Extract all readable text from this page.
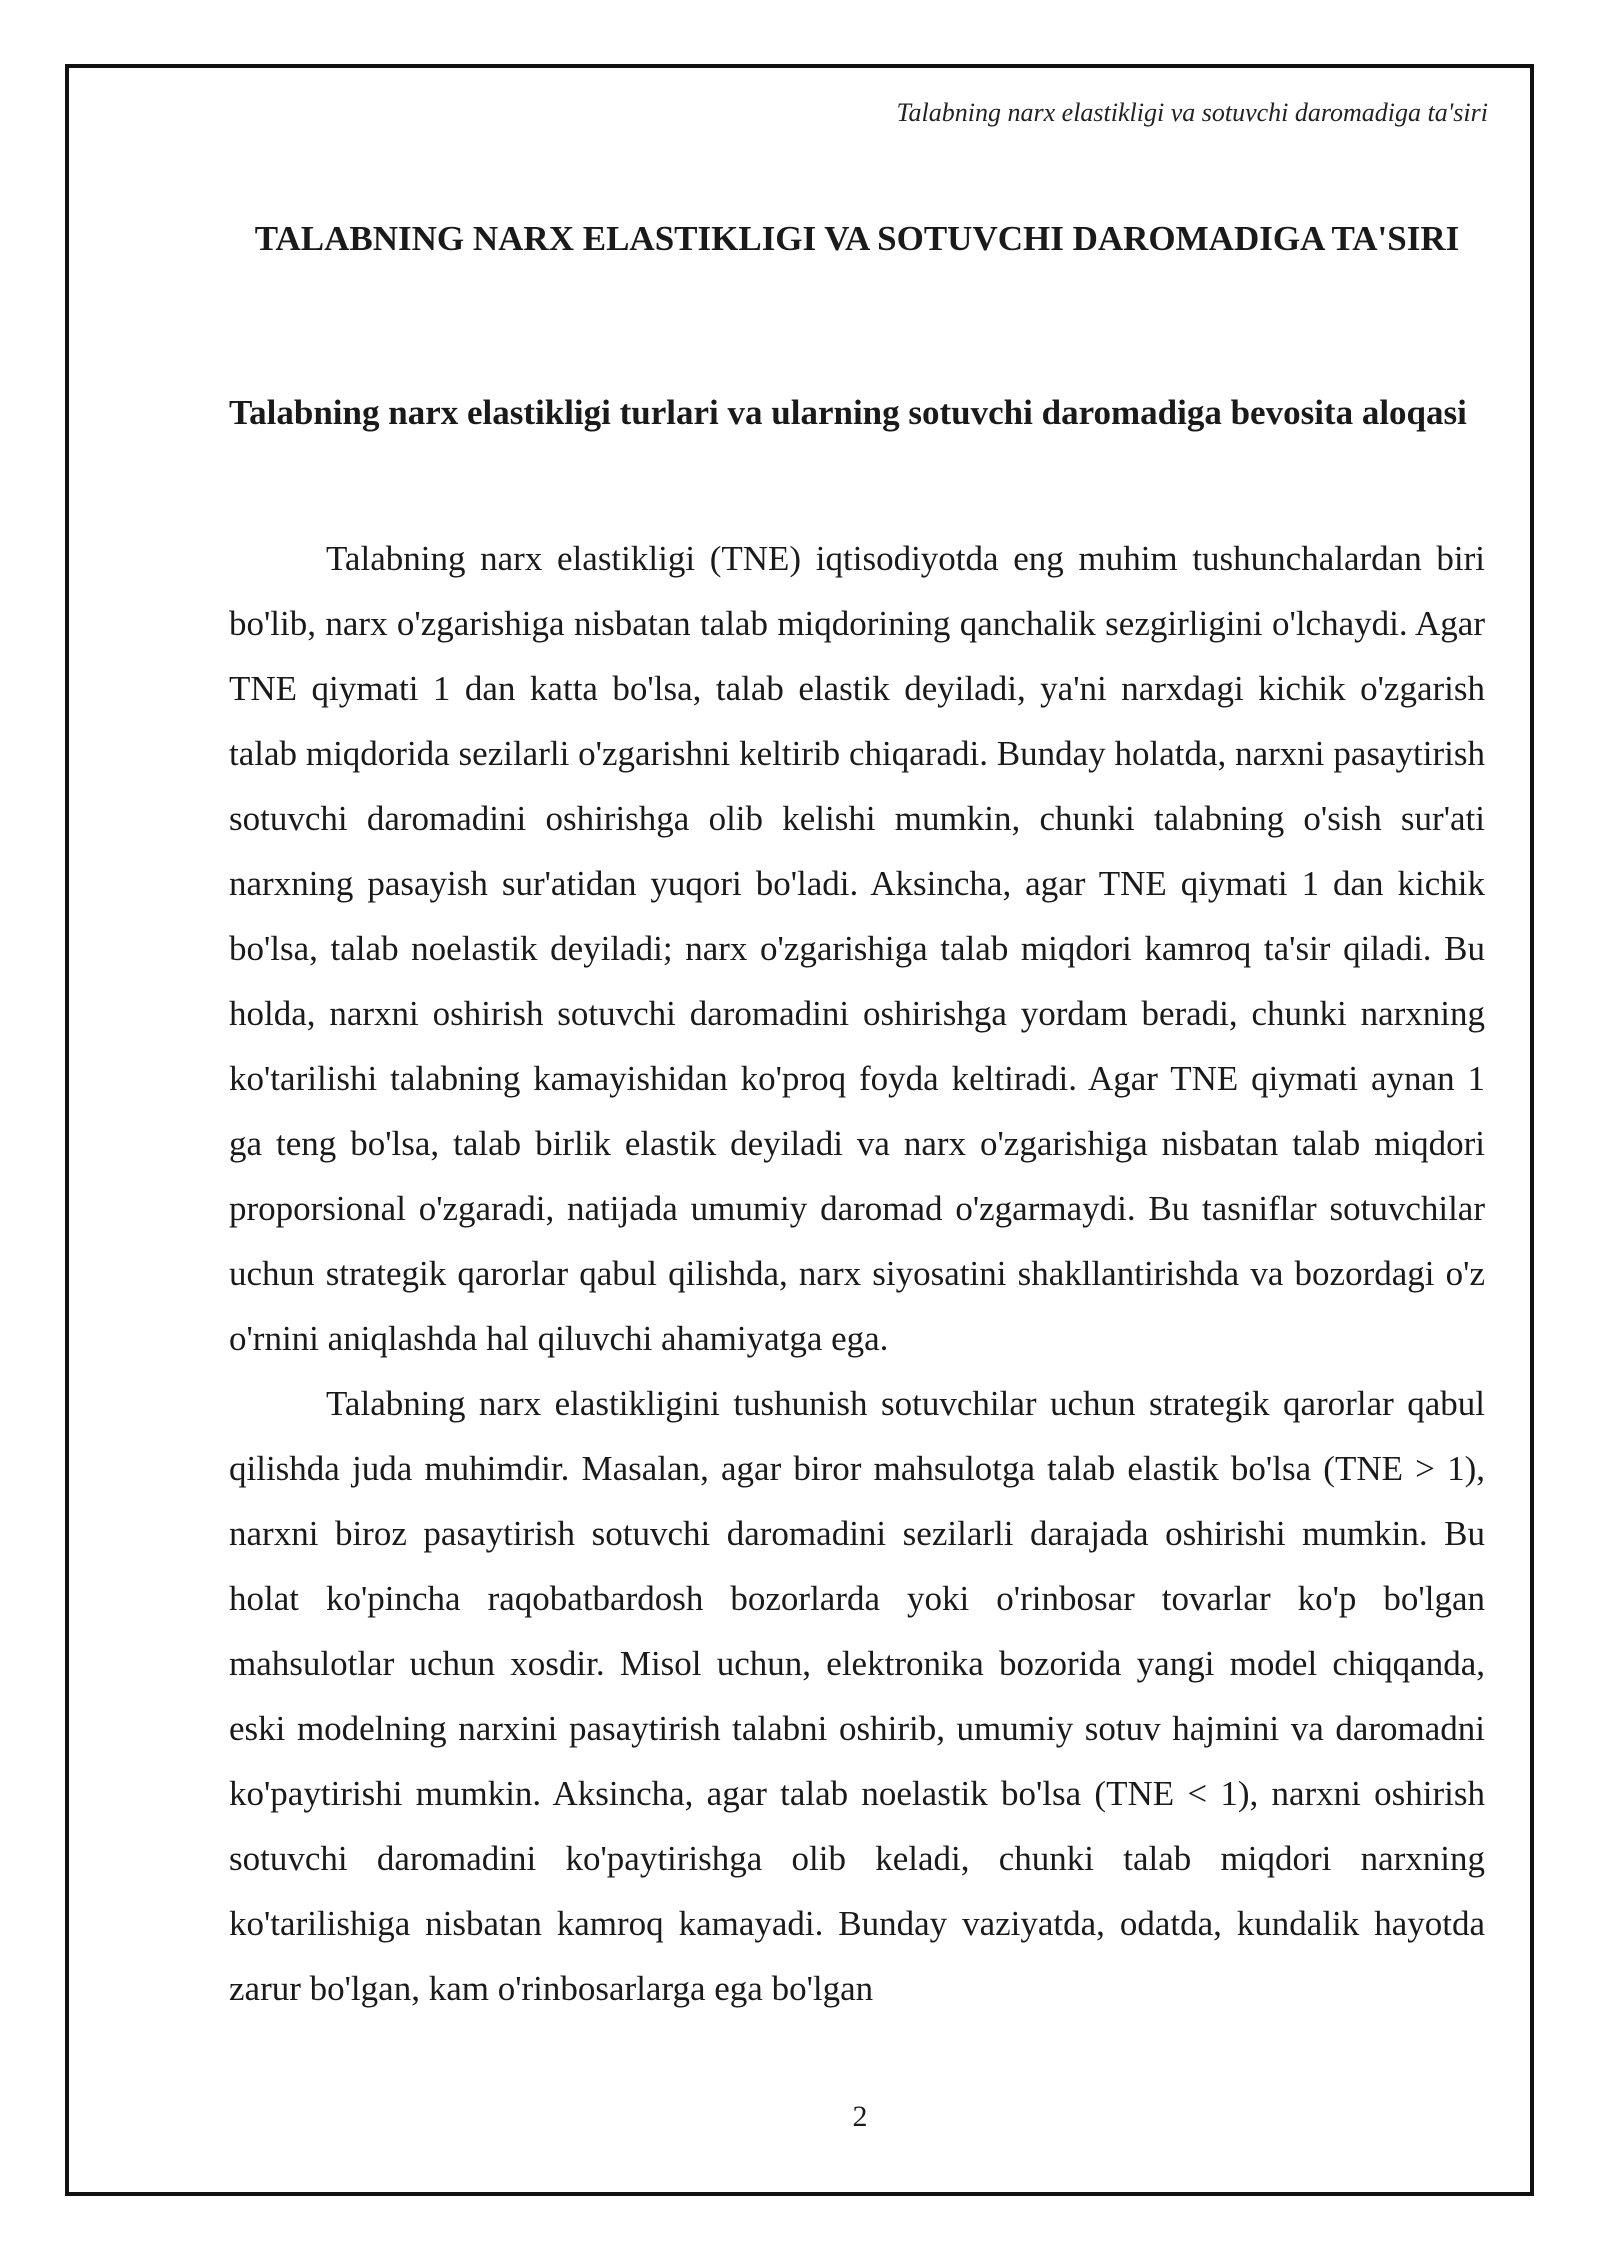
Talabning narx elastikligi va sotuvchi daromadiga ta'siri
TALABNING NARX ELASTIKLIGI VA SOTUVCHI DAROMADIGA TA'SIRI
Talabning narx elastikligi turlari va ularning sotuvchi daromadiga bevosita aloqasi

Talabning narx elastikligi (TNE) iqtisodiyotda eng muhim tushunchalardan biri bo'lib, narx o'zgarishiga nisbatan talab miqdorining qanchalik sezgirligini o'lchaydi. Agar TNE qiymati 1 dan katta bo'lsa, talab elastik deyiladi, ya'ni narxdagi kichik o'zgarish talab miqdorida sezilarli o'zgarishni keltirib chiqaradi. Bunday holatda, narxni pasaytirish sotuvchi daromadini oshirishga olib kelishi mumkin, chunki talabning o'sish sur'ati narxning pasayish sur'atidan yuqori bo'ladi. Aksincha, agar TNE qiymati 1 dan kichik bo'lsa, talab noelastik deyiladi; narx o'zgarishiga talab miqdori kamroq ta'sir qiladi. Bu holda, narxni oshirish sotuvchi daromadini oshirishga yordam beradi, chunki narxning ko'tarilishi talabning kamayishidan ko'proq foyda keltiradi. Agar TNE qiymati aynan 1 ga teng bo'lsa, talab birlik elastik deyiladi va narx o'zgarishiga nisbatan talab miqdori proporsional o'zgaradi, natijada umumiy daromad o'zgarmaydi. Bu tasniflar sotuvchilar uchun strategik qarorlar qabul qilishda, narx siyosatini shakllantirishda va bozordagi o'z o'rnini aniqlashda hal qiluvchi ahamiyatga ega.

Talabning narx elastikligini tushunish sotuvchilar uchun strategik qarorlar qabul qilishda juda muhimdir. Masalan, agar biror mahsulotga talab elastik bo'lsa (TNE > 1), narxni biroz pasaytirish sotuvchi daromadini sezilarli darajada oshirishi mumkin. Bu holat ko'pincha raqobatbardosh bozorlarda yoki o'rinbosar tovarlar ko'p bo'lgan mahsulotlar uchun xosdir. Misol uchun, elektronika bozorida yangi model chiqqanda, eski modelning narxini pasaytirish talabni oshirib, umumiy sotuv hajmini va daromadni ko'paytirishi mumkin. Aksincha, agar talab noelastik bo'lsa (TNE < 1), narxni oshirish sotuvchi daromadini ko'paytirishga olib keladi, chunki talab miqdori narxning ko'tarilishiga nisbatan kamroq kamayadi. Bunday vaziyatda, odatda, kundalik hayotda zarur bo'lgan, kam o'rinbosarlarga ega bo'lgan

2
